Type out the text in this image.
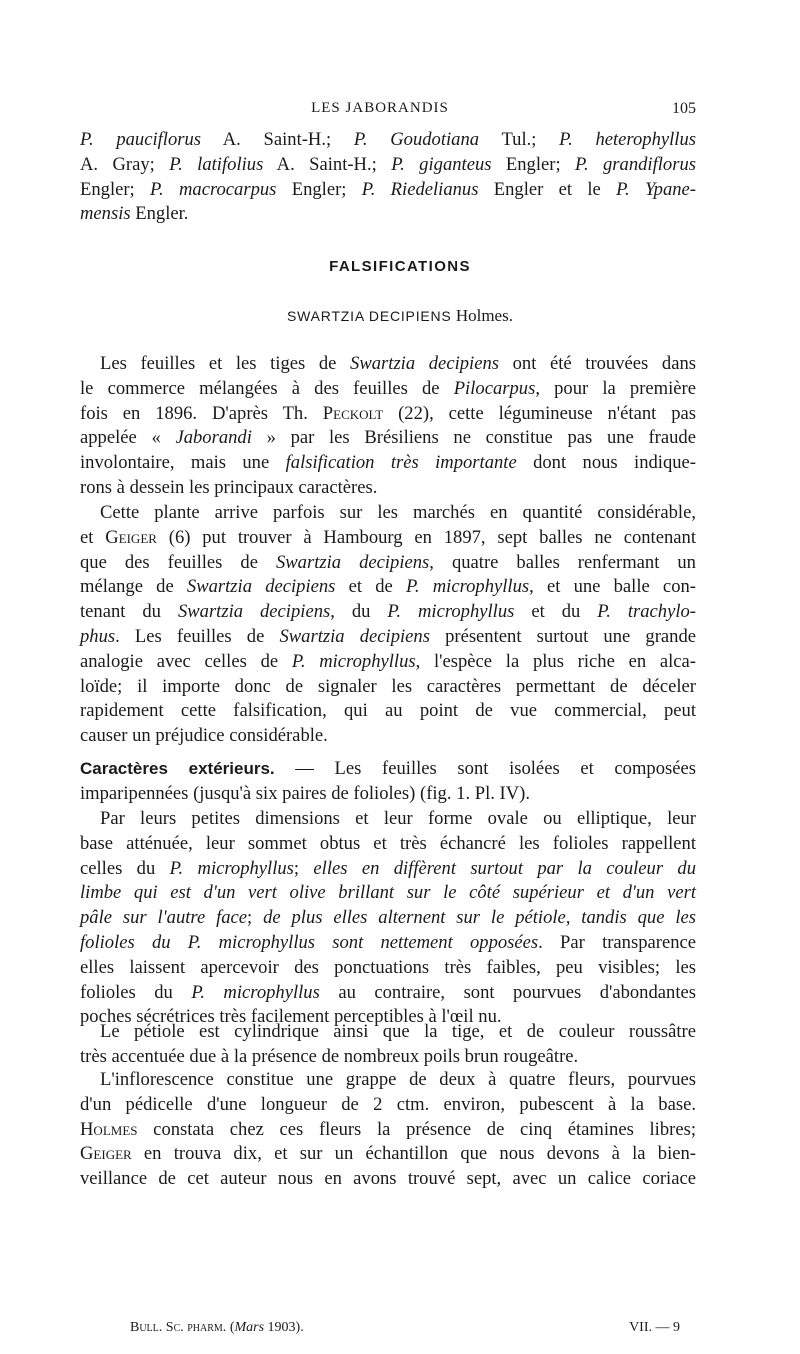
LES JABORANDIS	105
P. pauciflorus A. Saint-H.; P. Goudotiana Tul.; P. heterophyllus
A. Gray; P. latifolius A. Saint-H.; P. giganteus Engler; P. grandiflorus
Engler; P. macrocarpus Engler; P. Riedelianus Engler et le P. Ypane-
mensis Engler.
FALSIFICATIONS
SWARTZIA DECIPIENS Holmes.
Les feuilles et les tiges de Swartzia decipiens ont été trouvées dans
le commerce mélangées à des feuilles de Pilocarpus, pour la première
fois en 1896. D'après Th. Peckolt (22), cette légumineuse n'étant pas
appelée « Jaborandi » par les Brésiliens ne constitue pas une fraude
involontaire, mais une falsification très importante dont nous indique-
rons à dessein les principaux caractères.
Cette plante arrive parfois sur les marchés en quantité considérable,
et Geiger (6) put trouver à Hambourg en 1897, sept balles ne contenant
que des feuilles de Swartzia decipiens, quatre balles renfermant un
mélange de Swartzia decipiens et de P. microphyllus, et une balle con-
tenant du Swartzia decipiens, du P. microphyllus et du P. trachylo-
phus. Les feuilles de Swartzia decipiens présentent surtout une grande
analogie avec celles de P. microphyllus, l'espèce la plus riche en alca-
loïde; il importe donc de signaler les caractères permettant de déceler
rapidement cette falsification, qui au point de vue commercial, peut
causer un préjudice considérable.
Caractères extérieurs. — Les feuilles sont isolées et composées
imparipennées (jusqu'à six paires de folioles) (fig. 1. Pl. IV).
Par leurs petites dimensions et leur forme ovale ou elliptique, leur
base atténuée, leur sommet obtus et très échancré les folioles rappellent
celles du P. microphyllus; elles en diffèrent surtout par la couleur du
limbe qui est d'un vert olive brillant sur le côté supérieur et d'un vert
pâle sur l'autre face; de plus elles alternent sur le pétiole, tandis que les
folioles du P. microphyllus sont nettement opposées. Par transparence
elles laissent apercevoir des ponctuations très faibles, peu visibles; les
folioles du P. microphyllus au contraire, sont pourvues d'abondantes
poches sécrétrices très facilement perceptibles à l'œil nu.
Le pétiole est cylindrique ainsi que la tige, et de couleur roussâtre
très accentuée due à la présence de nombreux poils brun rougeâtre.
L'inflorescence constitue une grappe de deux à quatre fleurs, pourvues
d'un pédicelle d'une longueur de 2 ctm. environ, pubescent à la base.
Holmes constata chez ces fleurs la présence de cinq étamines libres;
Geiger en trouva dix, et sur un échantillon que nous devons à la bien-
veillance de cet auteur nous en avons trouvé sept, avec un calice coriace
Bull. Sc. pharm. (Mars 1903).	VII. — 9
